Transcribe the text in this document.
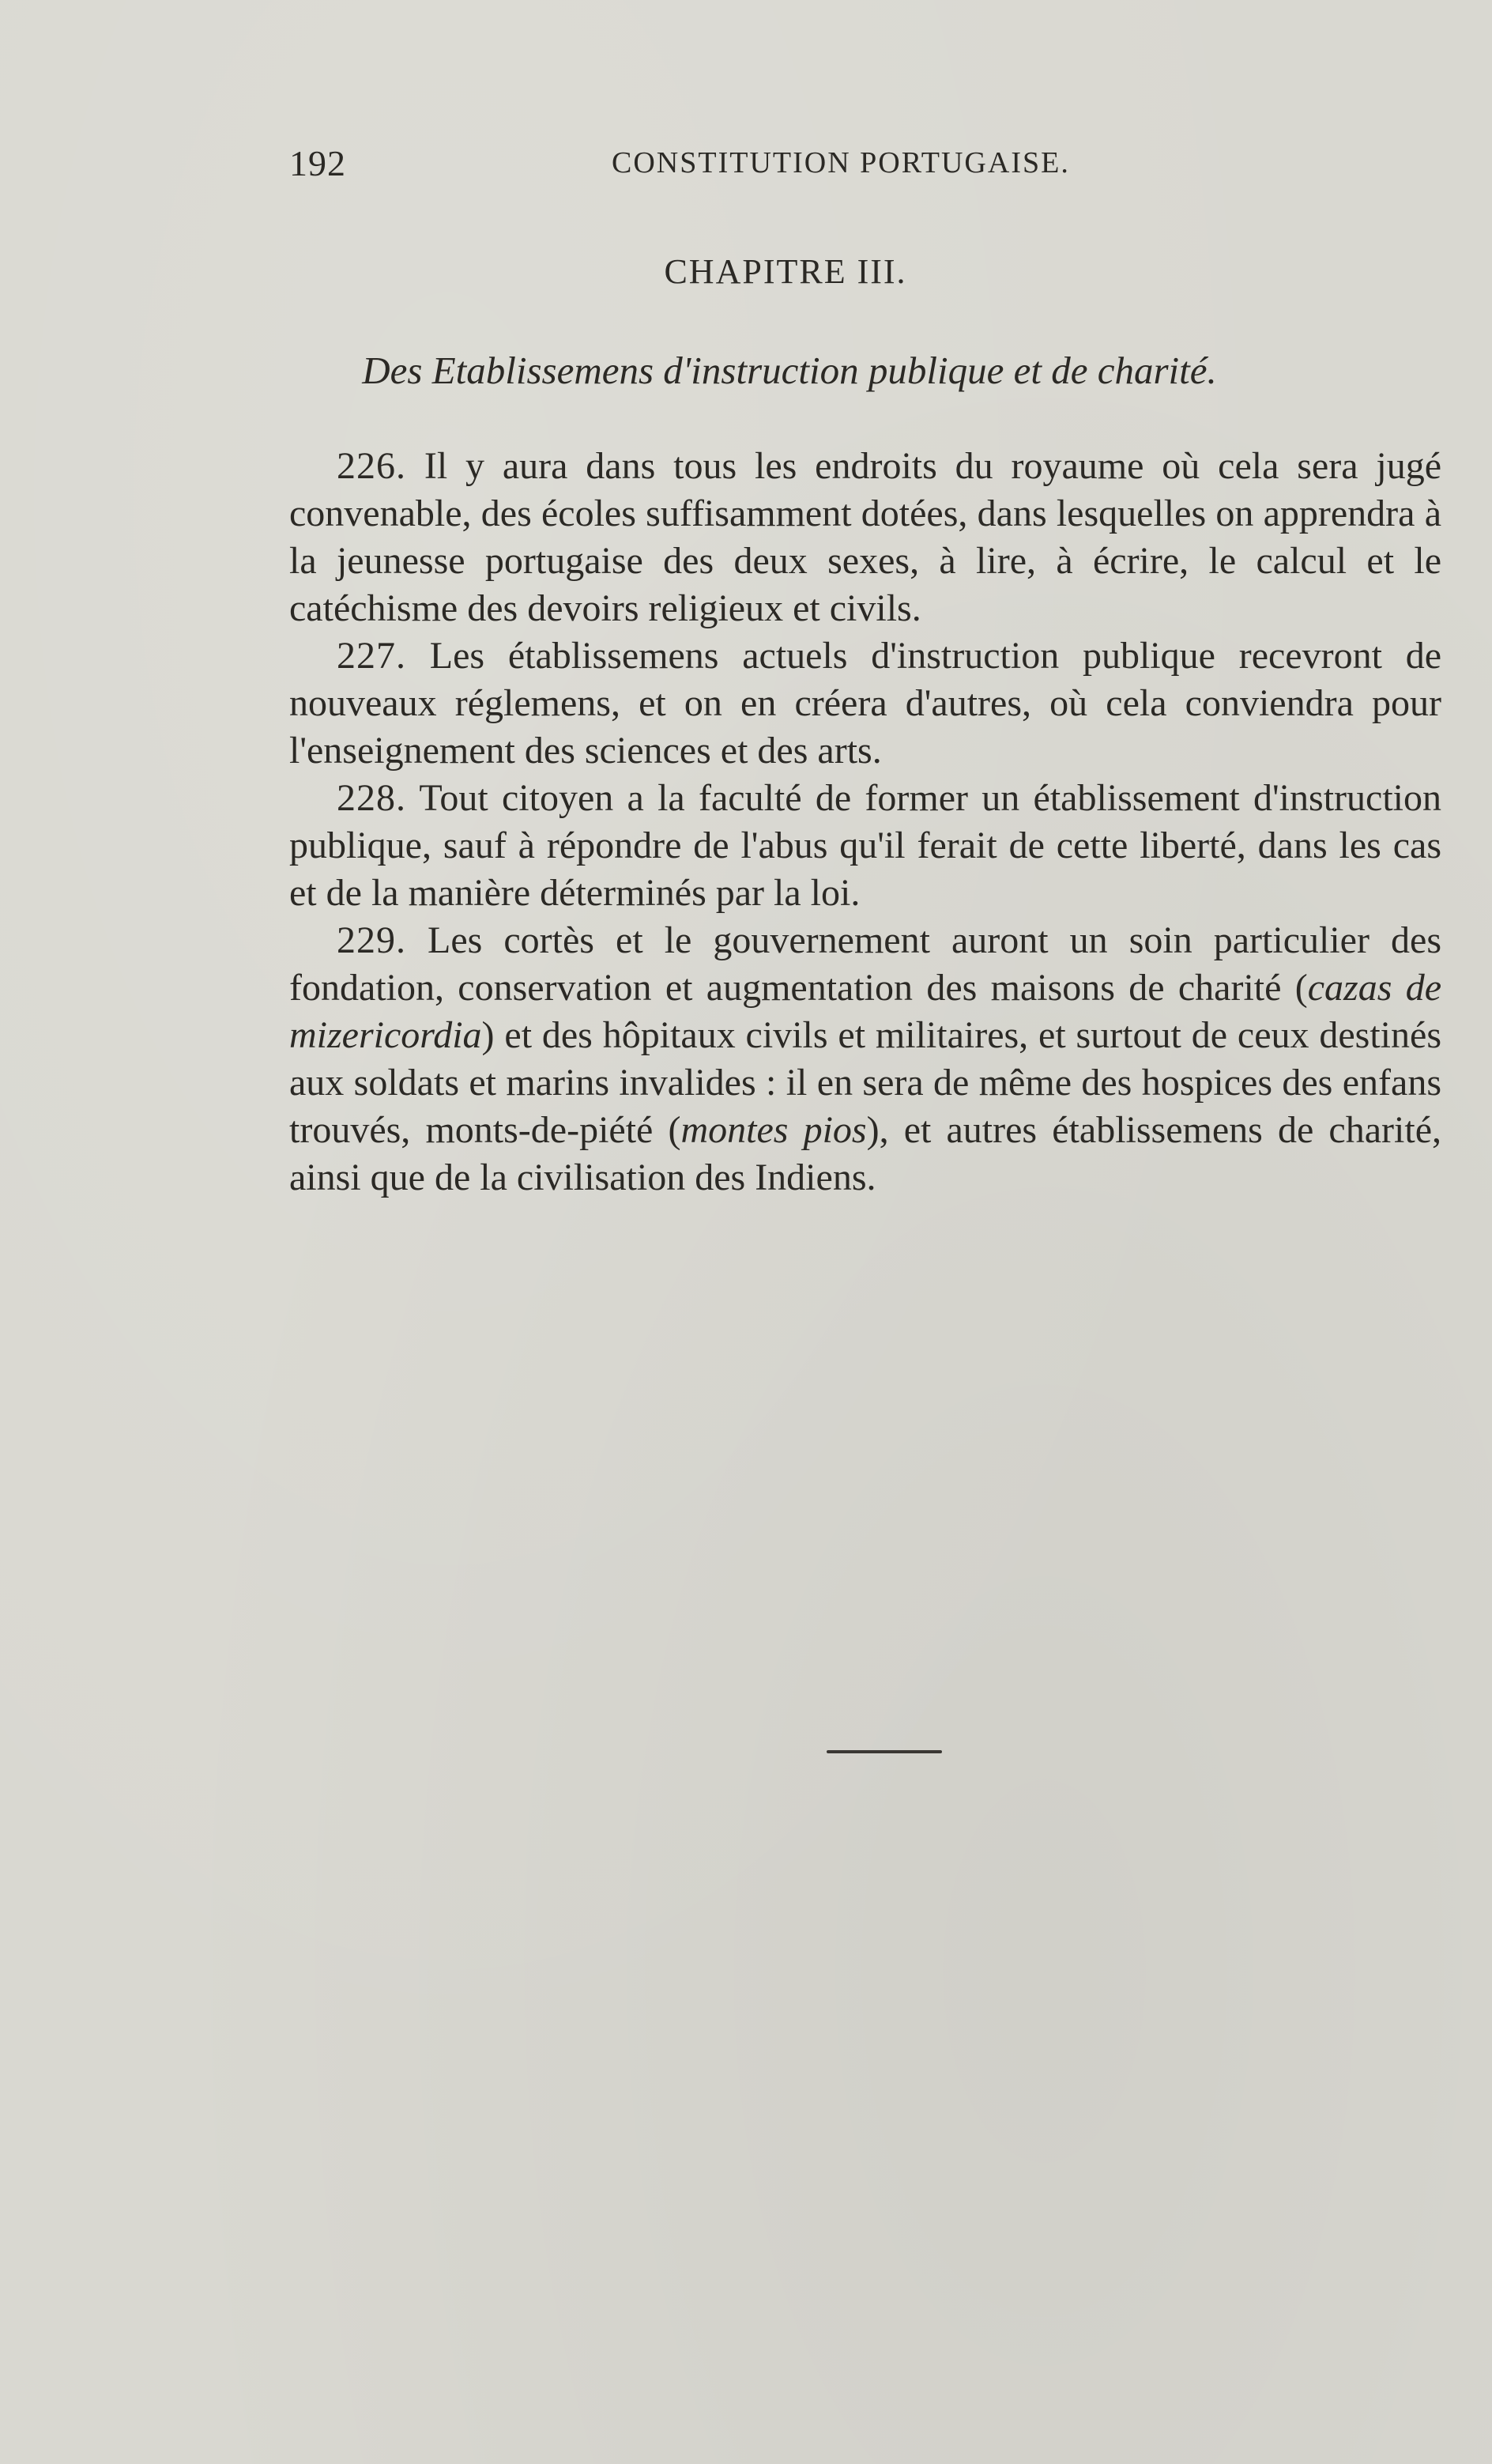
192	CONSTITUTION PORTUGAISE.
CHAPITRE III.
Des Etablissemens d'instruction publique et de charité.

226. Il y aura dans tous les endroits du royaume où cela sera jugé convenable, des écoles suffisamment dotées, dans lesquelles on apprendra à la jeunesse portugaise des deux sexes, à lire, à écrire, le calcul et le catéchisme des devoirs religieux et civils.

227. Les établissemens actuels d'instruction publique recevront de nouveaux réglemens, et on en créera d'autres, où cela conviendra pour l'enseignement des sciences et des arts.

228. Tout citoyen a la faculté de former un établissement d'instruction publique, sauf à répondre de l'abus qu'il ferait de cette liberté, dans les cas et de la manière déterminés par la loi.

229. Les cortès et le gouvernement auront un soin particulier des fondation, conservation et augmentation des maisons de charité (cazas de mizericordia) et des hôpitaux civils et militaires, et surtout de ceux destinés aux soldats et marins invalides : il en sera de même des hospices des enfans trouvés, monts-de-piété (montes pios), et autres établissemens de charité, ainsi que de la civilisation des Indiens.
